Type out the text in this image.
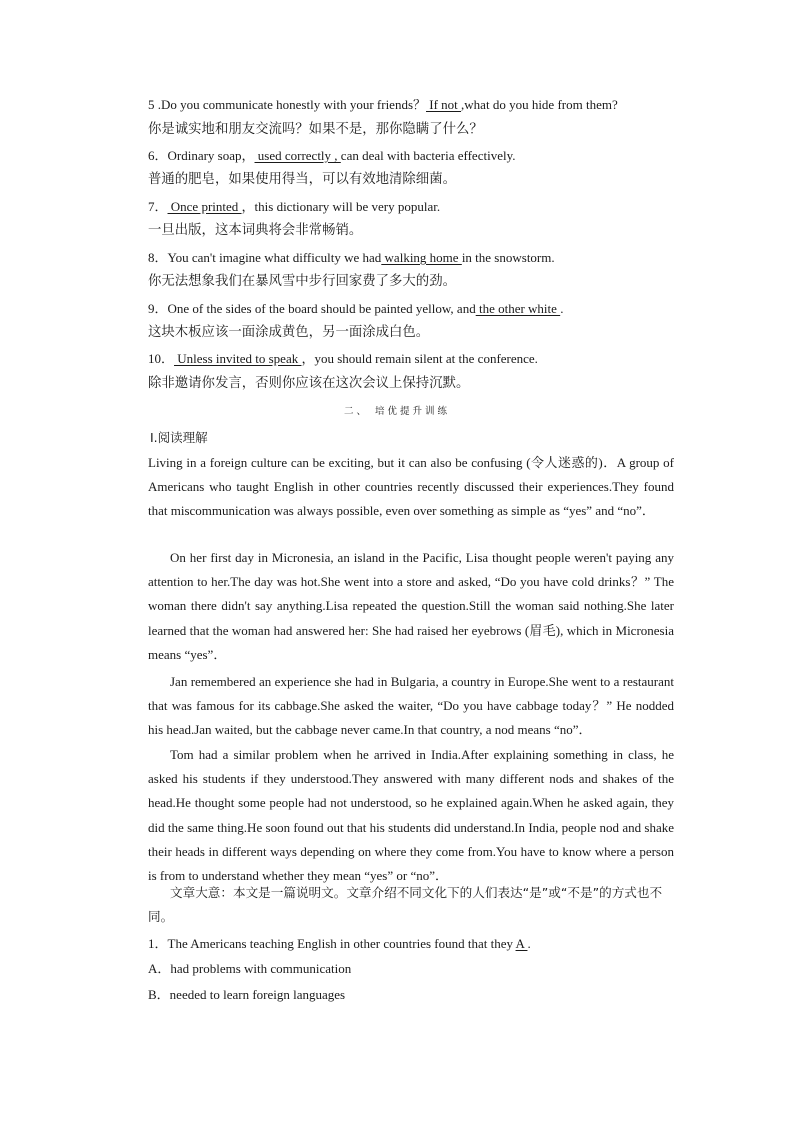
5 .Do you communicate honestly with your friends？ If not ,what do you hide from them?
你是诚实地和朋友交流吗？如果不是，那你隐瞒了什么？
6．Ordinary soap， used correctly , can deal with bacteria effectively.
普通的肥皂，如果使用得当，可以有效地清除细菌。
7． Once printed ，this dictionary will be very popular.
一旦出版，这本词典将会非常畅销。
8．You can't imagine what difficulty we had walking home in the snowstorm.
你无法想象我们在暴风雪中步行回家费了多大的劲。
9．One of the sides of the board should be painted yellow, and the other white .
这块木板应该一面涂成黄色，另一面涂成白色。
10． Unless invited to speak ，you should remain silent at the conference.
除非邀请你发言，否则你应该在这次会议上保持沉默。
二、 培优提升训练
Ⅰ.阅读理解
Living in a foreign culture can be exciting, but it can also be confusing (令人迷惑的)．A group of Americans who taught English in other countries recently discussed their experiences.They found that miscommunication was always possible, even over something as simple as “yes” and “no”．
On her first day in Micronesia, an island in the Pacific, Lisa thought people weren't paying any attention to her.The day was hot.She went into a store and asked, “Do you have cold drinks？” The woman there didn't say anything.Lisa repeated the question.Still the woman said nothing.She later learned that the woman had answered her: She had raised her eyebrows (眉毛), which in Micronesia means “yes”．
Jan remembered an experience she had in Bulgaria, a country in Europe.She went to a restaurant that was famous for its cabbage.She asked the waiter, “Do you have cabbage today？” He nodded his head.Jan waited, but the cabbage never came.In that country, a nod means “no”．
Tom had a similar problem when he arrived in India.After explaining something in class, he asked his students if they understood.They answered with many different nods and shakes of the head.He thought some people had not understood, so he explained again.When he asked again, they did the same thing.He soon found out that his students did understand.In India, people nod and shake their heads in different ways depending on where they come from.You have to know where a person is from to understand whether they mean “yes” or “no”．
文章大意：本文是一篇说明文。文章介绍不同文化下的人们表达“是”或“不是”的方式也不同。
1．The Americans teaching English in other countries found that they A .
A．had problems with communication
B．needed to learn foreign languages
